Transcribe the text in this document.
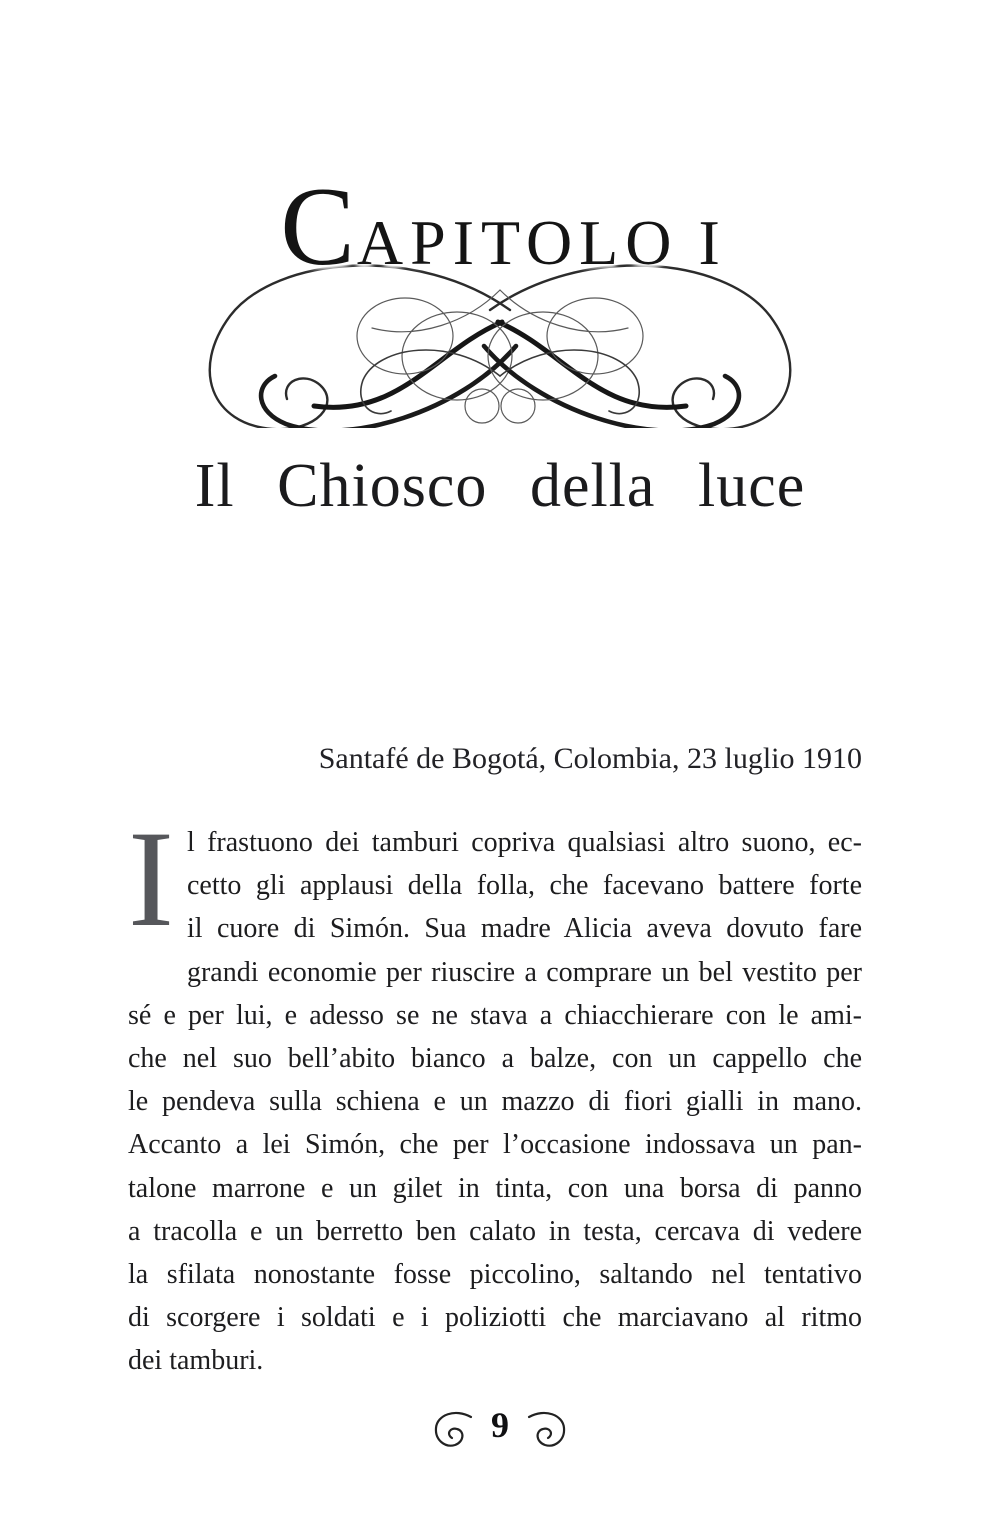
CAPITOLO I
Il Chiosco della luce
Santafé de Bogotá, Colombia, 23 luglio 1910
I l frastuono dei tamburi copriva qualsiasi altro suono, ec-
cetto gli applausi della folla, che facevano battere forte
il cuore di Simón. Sua madre Alicia aveva dovuto fare
grandi economie per riuscire a comprare un bel vestito per
sé e per lui, e adesso se ne stava a chiacchierare con le ami-
che nel suo bell’abito bianco a balze, con un cappello che
le pendeva sulla schiena e un mazzo di fiori gialli in mano.
Accanto a lei Simón, che per l’occasione indossava un pan-
talone marrone e un gilet in tinta, con una borsa di panno
a tracolla e un berretto ben calato in testa, cercava di vedere
la sfilata nonostante fosse piccolino, saltando nel tentativo
di scorgere i soldati e i poliziotti che marciavano al ritmo
dei tamburi.
9
